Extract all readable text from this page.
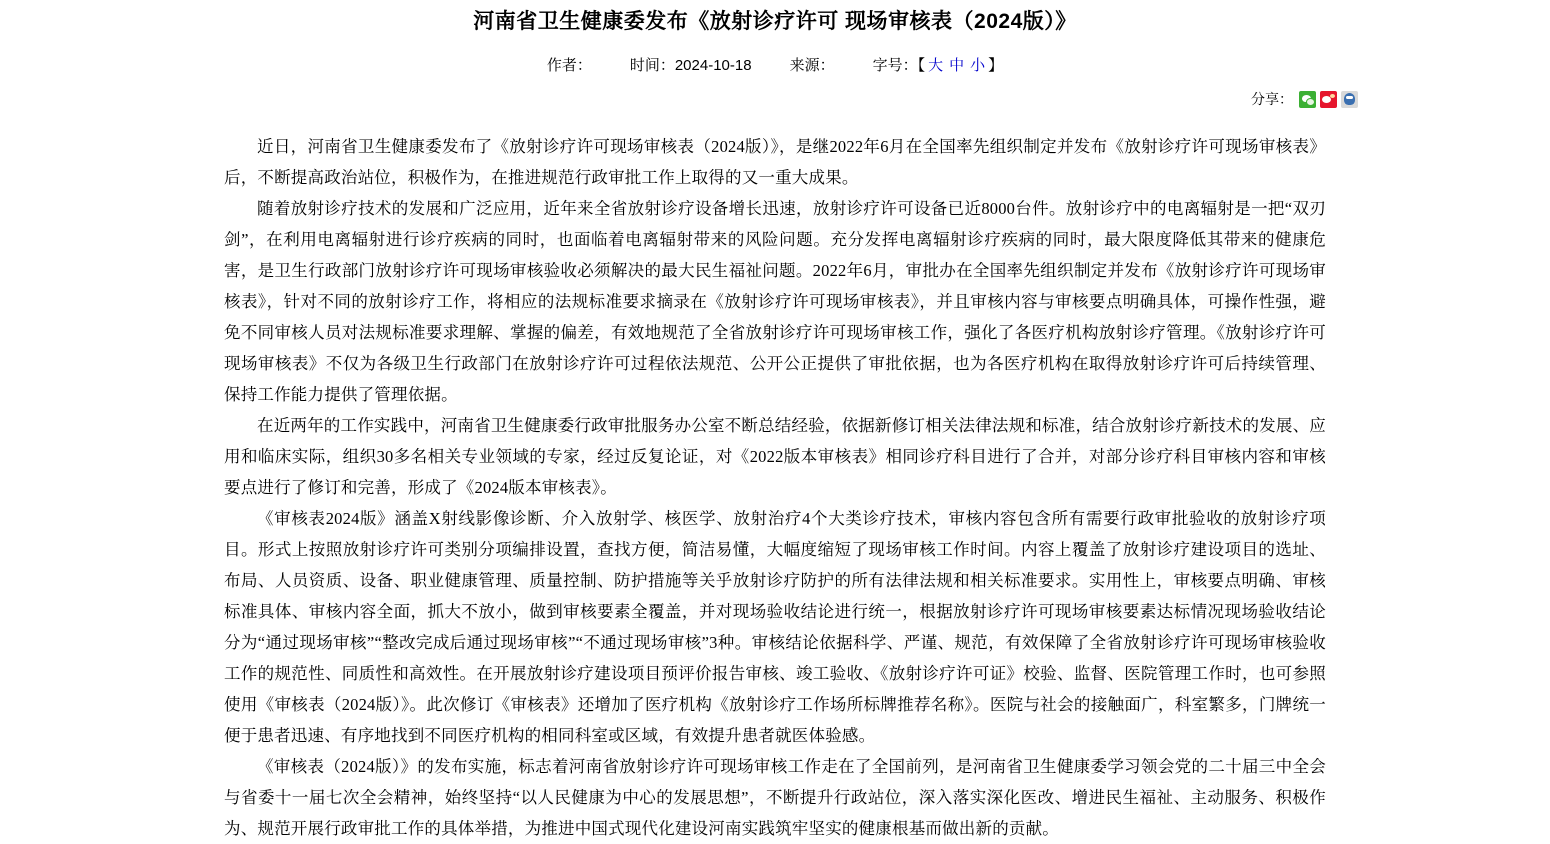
河南省卫生健康委发布《放射诊疗许可 现场审核表（2024版）》
作者：	时间：2024-10-18	来源：	字号：【 大 中 小 】
分享：

近日，河南省卫生健康委发布了《放射诊疗许可现场审核表（2024版）》，是继2022年6月在全国率先组织制定并发布《放射诊疗许可现场审核表》后，不断提高政治站位，积极作为，在推进规范行政审批工作上取得的又一重大成果。

随着放射诊疗技术的发展和广泛应用，近年来全省放射诊疗设备增长迅速，放射诊疗许可设备已近8000台件。放射诊疗中的电离辐射是一把“双刃剑”，在利用电离辐射进行诊疗疾病的同时，也面临着电离辐射带来的风险问题。充分发挥电离辐射诊疗疾病的同时，最大限度降低其带来的健康危害，是卫生行政部门放射诊疗许可现场审核验收必须解决的最大民生福祉问题。2022年6月，审批办在全国率先组织制定并发布《放射诊疗许可现场审核表》，针对不同的放射诊疗工作，将相应的法规标准要求摘录在《放射诊疗许可现场审核表》，并且审核内容与审核要点明确具体，可操作性强，避免不同审核人员对法规标准要求理解、掌握的偏差，有效地规范了全省放射诊疗许可现场审核工作，强化了各医疗机构放射诊疗管理。《放射诊疗许可现场审核表》不仅为各级卫生行政部门在放射诊疗许可过程依法规范、公开公正提供了审批依据，也为各医疗机构在取得放射诊疗许可后持续管理、保持工作能力提供了管理依据。

在近两年的工作实践中，河南省卫生健康委行政审批服务办公室不断总结经验，依据新修订相关法律法规和标准，结合放射诊疗新技术的发展、应用和临床实际，组织30多名相关专业领域的专家，经过反复论证，对《2022版本审核表》相同诊疗科目进行了合并，对部分诊疗科目审核内容和审核要点进行了修订和完善，形成了《2024版本审核表》。

《审核表2024版》涵盖X射线影像诊断、介入放射学、核医学、放射治疗4个大类诊疗技术，审核内容包含所有需要行政审批验收的放射诊疗项目。形式上按照放射诊疗许可类别分项编排设置，查找方便，简洁易懂，大幅度缩短了现场审核工作时间。内容上覆盖了放射诊疗建设项目的选址、布局、人员资质、设备、职业健康管理、质量控制、防护措施等关乎放射诊疗防护的所有法律法规和相关标准要求。实用性上，审核要点明确、审核标准具体、审核内容全面，抓大不放小，做到审核要素全覆盖，并对现场验收结论进行统一，根据放射诊疗许可现场审核要素达标情况现场验收结论分为“通过现场审核”“整改完成后通过现场审核”“不通过现场审核”3种。审核结论依据科学、严谨、规范，有效保障了全省放射诊疗许可现场审核验收工作的规范性、同质性和高效性。在开展放射诊疗建设项目预评价报告审核、竣工验收、《放射诊疗许可证》校验、监督、医院管理工作时，也可参照使用《审核表（2024版）》。此次修订《审核表》还增加了医疗机构《放射诊疗工作场所标牌推荐名称》。医院与社会的接触面广，科室繁多，门牌统一便于患者迅速、有序地找到不同医疗机构的相同科室或区域，有效提升患者就医体验感。

《审核表（2024版）》的发布实施，标志着河南省放射诊疗许可现场审核工作走在了全国前列，是河南省卫生健康委学习领会党的二十届三中全会与省委十一届七次全会精神，始终坚持“以人民健康为中心的发展思想”，不断提升行政站位，深入落实深化医改、增进民生福祉、主动服务、积极作为、规范开展行政审批工作的具体举措，为推进中国式现代化建设河南实践筑牢坚实的健康根基而做出新的贡献。
